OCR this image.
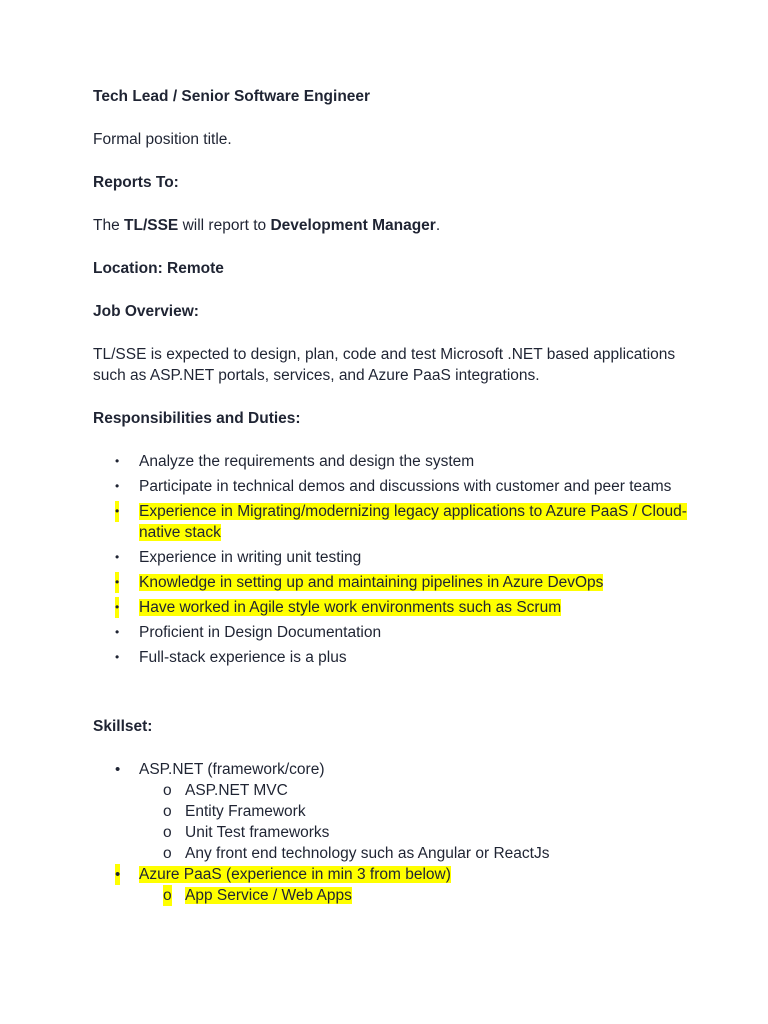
Tech Lead / Senior Software Engineer

Formal position title.

Reports To:

The TL/SSE will report to Development Manager.

Location: Remote

Job Overview:

TL/SSE is expected to design, plan, code and test Microsoft .NET based applications such as ASP.NET portals, services, and Azure PaaS integrations.

Responsibilities and Duties:

• Analyze the requirements and design the system
• Participate in technical demos and discussions with customer and peer teams
• Experience in Migrating/modernizing legacy applications to Azure PaaS / Cloud-native stack
• Experience in writing unit testing
• Knowledge in setting up and maintaining pipelines in Azure DevOps
• Have worked in Agile style work environments such as Scrum
• Proficient in Design Documentation
• Full-stack experience is a plus

Skillset:

• ASP.NET (framework/core)
o ASP.NET MVC
o Entity Framework
o Unit Test frameworks
o Any front end technology such as Angular or ReactJs
• Azure PaaS (experience in min 3 from below)
o App Service / Web Apps
